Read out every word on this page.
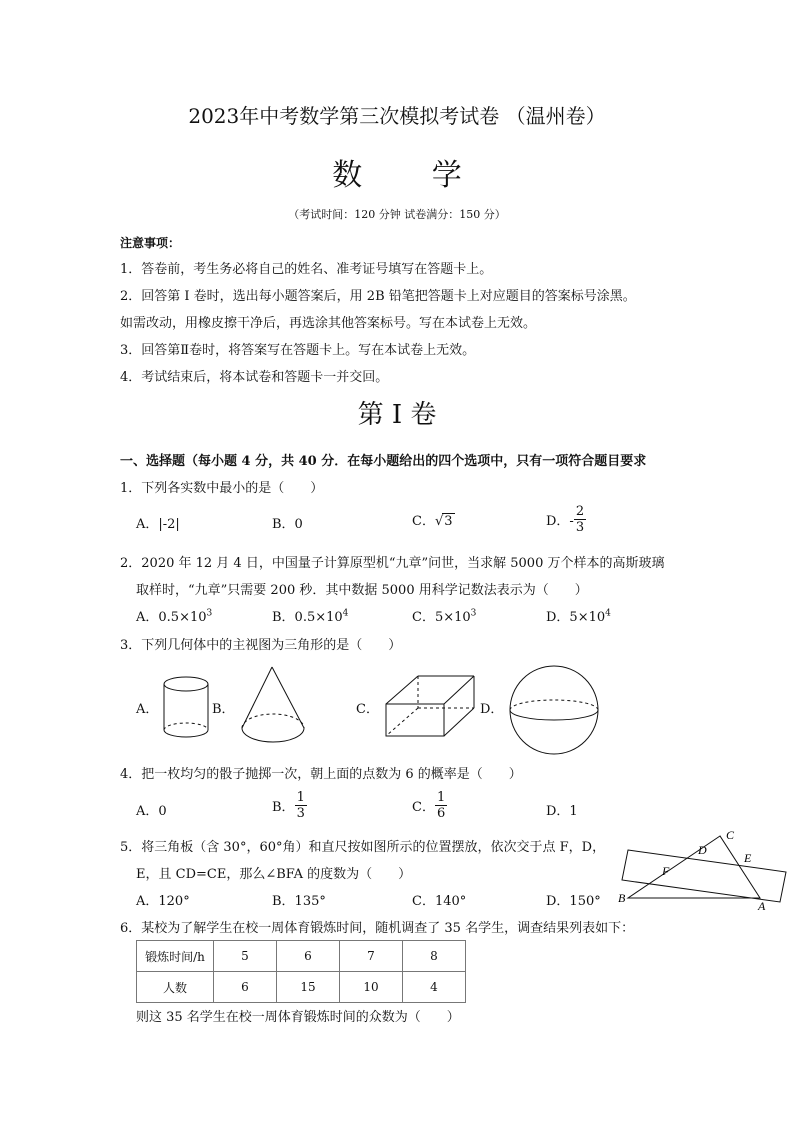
2023年中考数学第三次模拟考试卷 （温州卷）
数 学
（考试时间：120 分钟 试卷满分：150 分）
注意事项：
1．答卷前，考生务必将自己的姓名、准考证号填写在答题卡上。
2．回答第 I 卷时，选出每小题答案后，用 2B 铅笔把答题卡上对应题目的答案标号涂黑。
如需改动，用橡皮擦干净后，再选涂其他答案标号。写在本试卷上无效。
3．回答第Ⅱ卷时，将答案写在答题卡上。写在本试卷上无效。
4．考试结束后，将本试卷和答题卡一并交回。
第 I 卷
一、选择题（每小题 4 分，共 40 分．在每小题给出的四个选项中，只有一项符合题目要求
1．下列各实数中最小的是（　　）
A．|-2|	B．0	C．√3	D．- $\frac{2}{3}$
2．2020 年 12 月 4 日，中国量子计算原型机“九章”问世，当求解 5000 万个样本的高斯玻璃
取样时，“九章”只需要 200 秒．其中数据 5000 用科学记数法表示为（　　）
A．$0.5\times 10^3$	B．$0.5\times 10^4$	C．$5\times 10^3$	D．$5\times 10^4$
3．下列几何体中的主视图为三角形的是（　　）
A．	B．	C．	D．
4．把一枚均匀的骰子抛掷一次，朝上面的点数为 6 的概率是（　　）
A．0	B． $\frac{1}{3}$	C． $\frac{1}{6}$	D．1
5．将三角板（含 30°，60°角）和直尺按如图所示的位置摆放，依次交于点 F，D，
E，且 CD=CE，那么∠BFA 的度数为（　　）
A．120°	B．135°	C．140°	D．150°
C
D
E
F
B
A
6．某校为了解学生在校一周体育锻炼时间，随机调查了 35 名学生，调查结果列表如下：
锻炼时间/h	5	6	7	8
人数	6	15	10	4
则这 35 名学生在校一周体育锻炼时间的众数为（　　）
